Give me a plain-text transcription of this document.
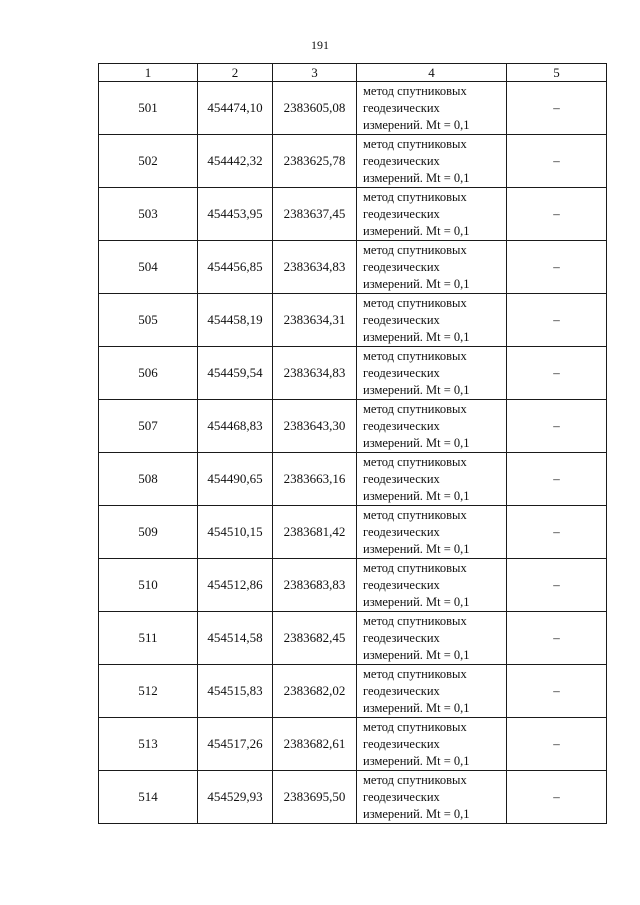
191
1	2	3	4	5
501	454474,10	2383605,08	метод спутниковых
геодезических
измерений. Mt = 0,1	–
502	454442,32	2383625,78	метод спутниковых
геодезических
измерений. Mt = 0,1	–
503	454453,95	2383637,45	метод спутниковых
геодезических
измерений. Mt = 0,1	–
504	454456,85	2383634,83	метод спутниковых
геодезических
измерений. Mt = 0,1	–
505	454458,19	2383634,31	метод спутниковых
геодезических
измерений. Mt = 0,1	–
506	454459,54	2383634,83	метод спутниковых
геодезических
измерений. Mt = 0,1	–
507	454468,83	2383643,30	метод спутниковых
геодезических
измерений. Mt = 0,1	–
508	454490,65	2383663,16	метод спутниковых
геодезических
измерений. Mt = 0,1	–
509	454510,15	2383681,42	метод спутниковых
геодезических
измерений. Mt = 0,1	–
510	454512,86	2383683,83	метод спутниковых
геодезических
измерений. Mt = 0,1	–
511	454514,58	2383682,45	метод спутниковых
геодезических
измерений. Mt = 0,1	–
512	454515,83	2383682,02	метод спутниковых
геодезических
измерений. Mt = 0,1	–
513	454517,26	2383682,61	метод спутниковых
геодезических
измерений. Mt = 0,1	–
514	454529,93	2383695,50	метод спутниковых
геодезических
измерений. Mt = 0,1	–
